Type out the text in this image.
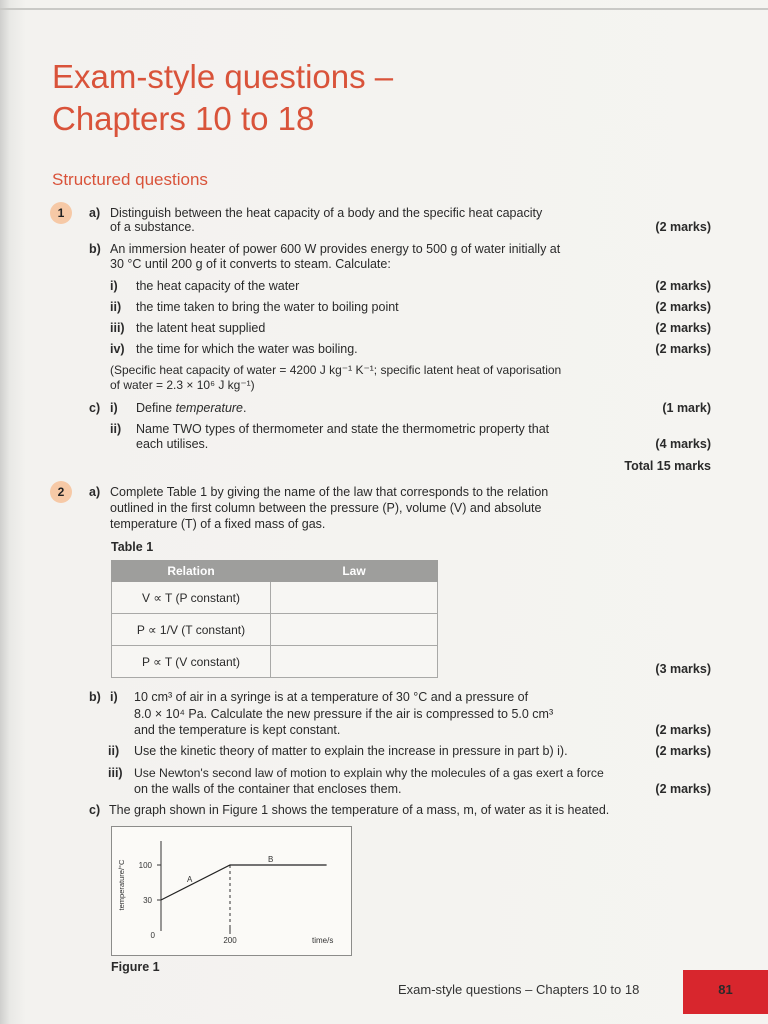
Exam-style questions –
Chapters 10 to 18
Structured questions
1	a) Distinguish between the heat capacity of a body and the specific heat capacity
of a substance.	(2 marks)
b) An immersion heater of power 600 W provides energy to 500 g of water initially at
30 °C until 200 g of it converts to steam. Calculate:
i) the heat capacity of the water	(2 marks)
ii) the time taken to bring the water to boiling point	(2 marks)
iii) the latent heat supplied	(2 marks)
iv) the time for which the water was boiling.	(2 marks)
(Specific heat capacity of water = 4200 J kg⁻¹ K⁻¹; specific latent heat of vaporisation
of water = 2.3 × 10⁶ J kg⁻¹)
c) i) Define temperature.	(1 mark)
ii) Name TWO types of thermometer and state the thermometric property that
each utilises.	(4 marks)
Total 15 marks
2	a) Complete Table 1 by giving the name of the law that corresponds to the relation
outlined in the first column between the pressure (P), volume (V) and absolute
temperature (T) of a fixed mass of gas.
Table 1
Relation	Law
V ∝ T (P constant)	
P ∝ 1/V (T constant)	
P ∝ T (V constant)	
(3 marks)
b) i) 10 cm³ of air in a syringe is at a temperature of 30 °C and a pressure of
8.0 × 10⁴ Pa. Calculate the new pressure if the air is compressed to 5.0 cm³
and the temperature is kept constant.	(2 marks)
ii) Use the kinetic theory of matter to explain the increase in pressure in part b) i).	(2 marks)
iii) Use Newton's second law of motion to explain why the molecules of a gas exert a force
on the walls of the container that encloses them.	(2 marks)
c) The graph shown in Figure 1 shows the temperature of a mass, m, of water as it is heated.
30
100
200
0
A
B
time/s
temperature/°C
Figure 1
Exam-style questions – Chapters 10 to 18	81
